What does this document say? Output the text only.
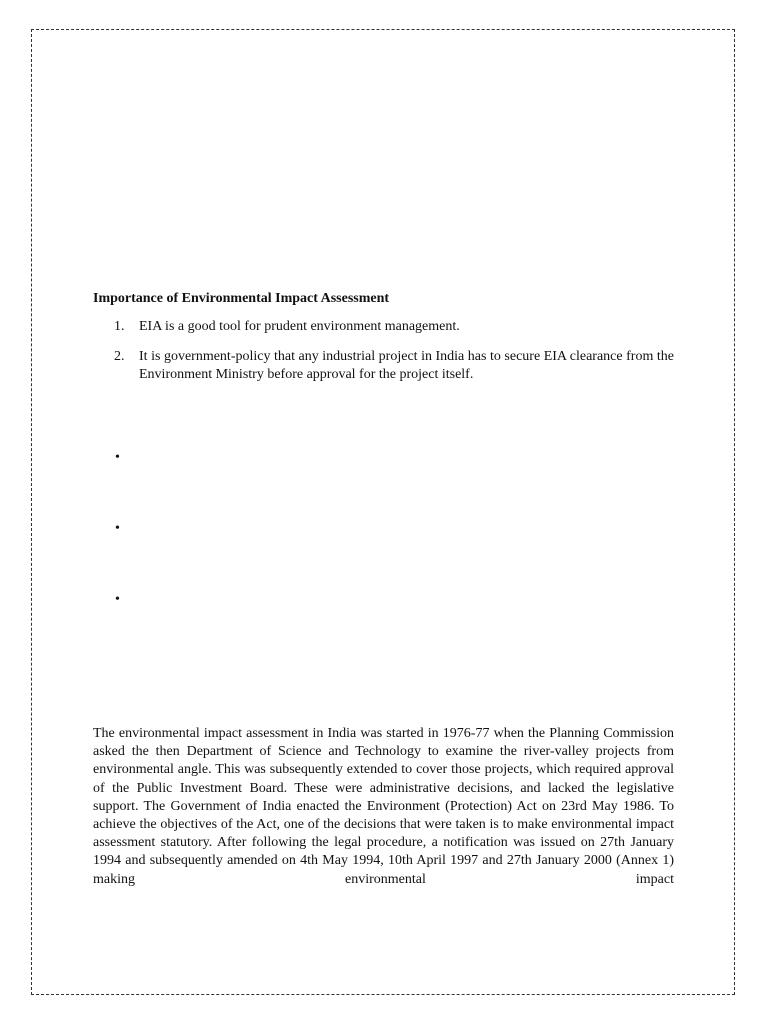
Importance of Environmental Impact Assessment
1. EIA is a good tool for prudent environment management.
2. It is government-policy that any industrial project in India has to secure EIA clearance from the Environment Ministry before approval for the project itself.
•
•
•

The environmental impact assessment in India was started in 1976-77 when the Planning Commission asked the then Department of Science and Technology to examine the river-valley projects from environmental angle. This was subsequently extended to cover those projects, which required approval of the Public Investment Board. These were administrative decisions, and lacked the legislative support. The Government of India enacted the Environment (Protection) Act on 23rd May 1986. To achieve the objectives of the Act, one of the decisions that were taken is to make environmental impact assessment statutory. After following the legal procedure, a notification was issued on 27th January 1994 and subsequently amended on 4th May 1994, 10th April 1997 and 27th January 2000 (Annex 1) making environmental impact
